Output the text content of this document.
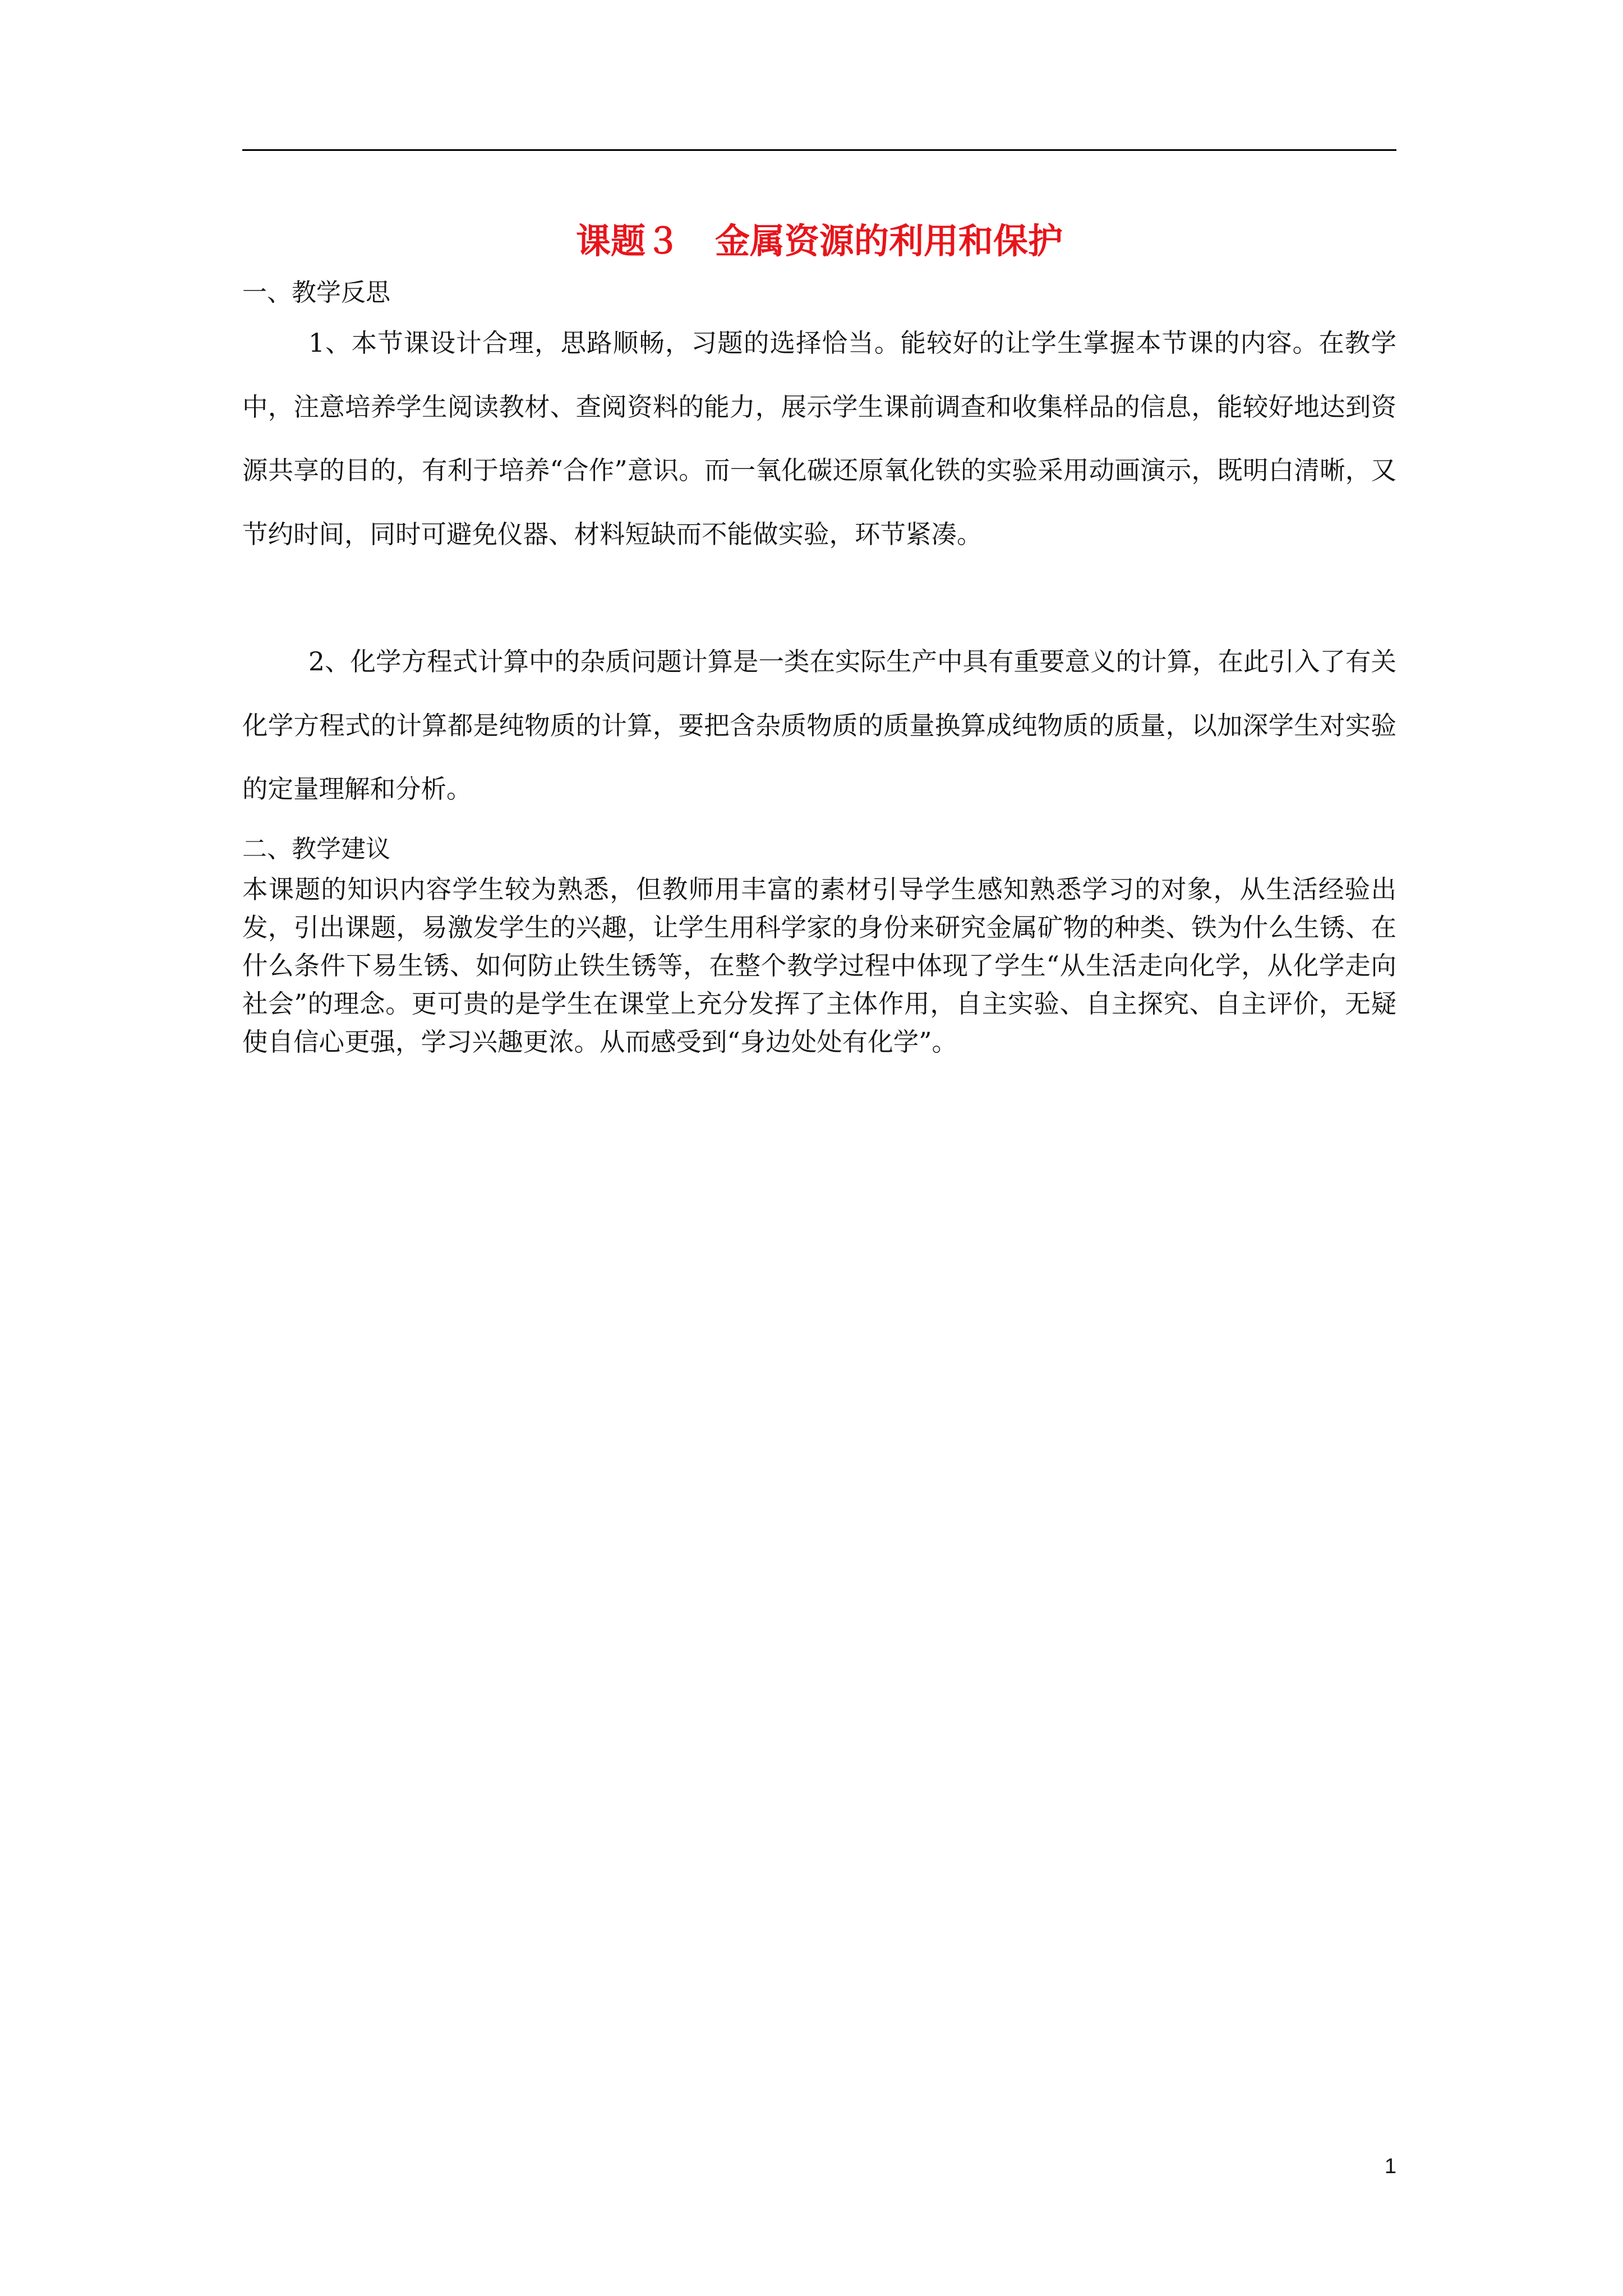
课题３　金属资源的利用和保护
一、教学反思

1、本节课设计合理，思路顺畅，习题的选择恰当。能较好的让学生掌握本节课的内容。在教学中，注意培养学生阅读教材、查阅资料的能力，展示学生课前调查和收集样品的信息，能较好地达到资源共享的目的，有利于培养“合作”意识。而一氧化碳还原氧化铁的实验采用动画演示，既明白清晰，又节约时间，同时可避免仪器、材料短缺而不能做实验，环节紧凑。

2、化学方程式计算中的杂质问题计算是一类在实际生产中具有重要意义的计算，在此引入了有关化学方程式的计算都是纯物质的计算，要把含杂质物质的质量换算成纯物质的质量，以加深学生对实验的定量理解和分析。

二、教学建议

本课题的知识内容学生较为熟悉，但教师用丰富的素材引导学生感知熟悉学习的对象，从生活经验出发，引出课题，易激发学生的兴趣，让学生用科学家的身份来研究金属矿物的种类、铁为什么生锈、在什么条件下易生锈、如何防止铁生锈等，在整个教学过程中体现了学生“从生活走向化学，从化学走向社会”的理念。更可贵的是学生在课堂上充分发挥了主体作用，自主实验、自主探究、自主评价，无疑使自信心更强，学习兴趣更浓。从而感受到“身边处处有化学”。

1
